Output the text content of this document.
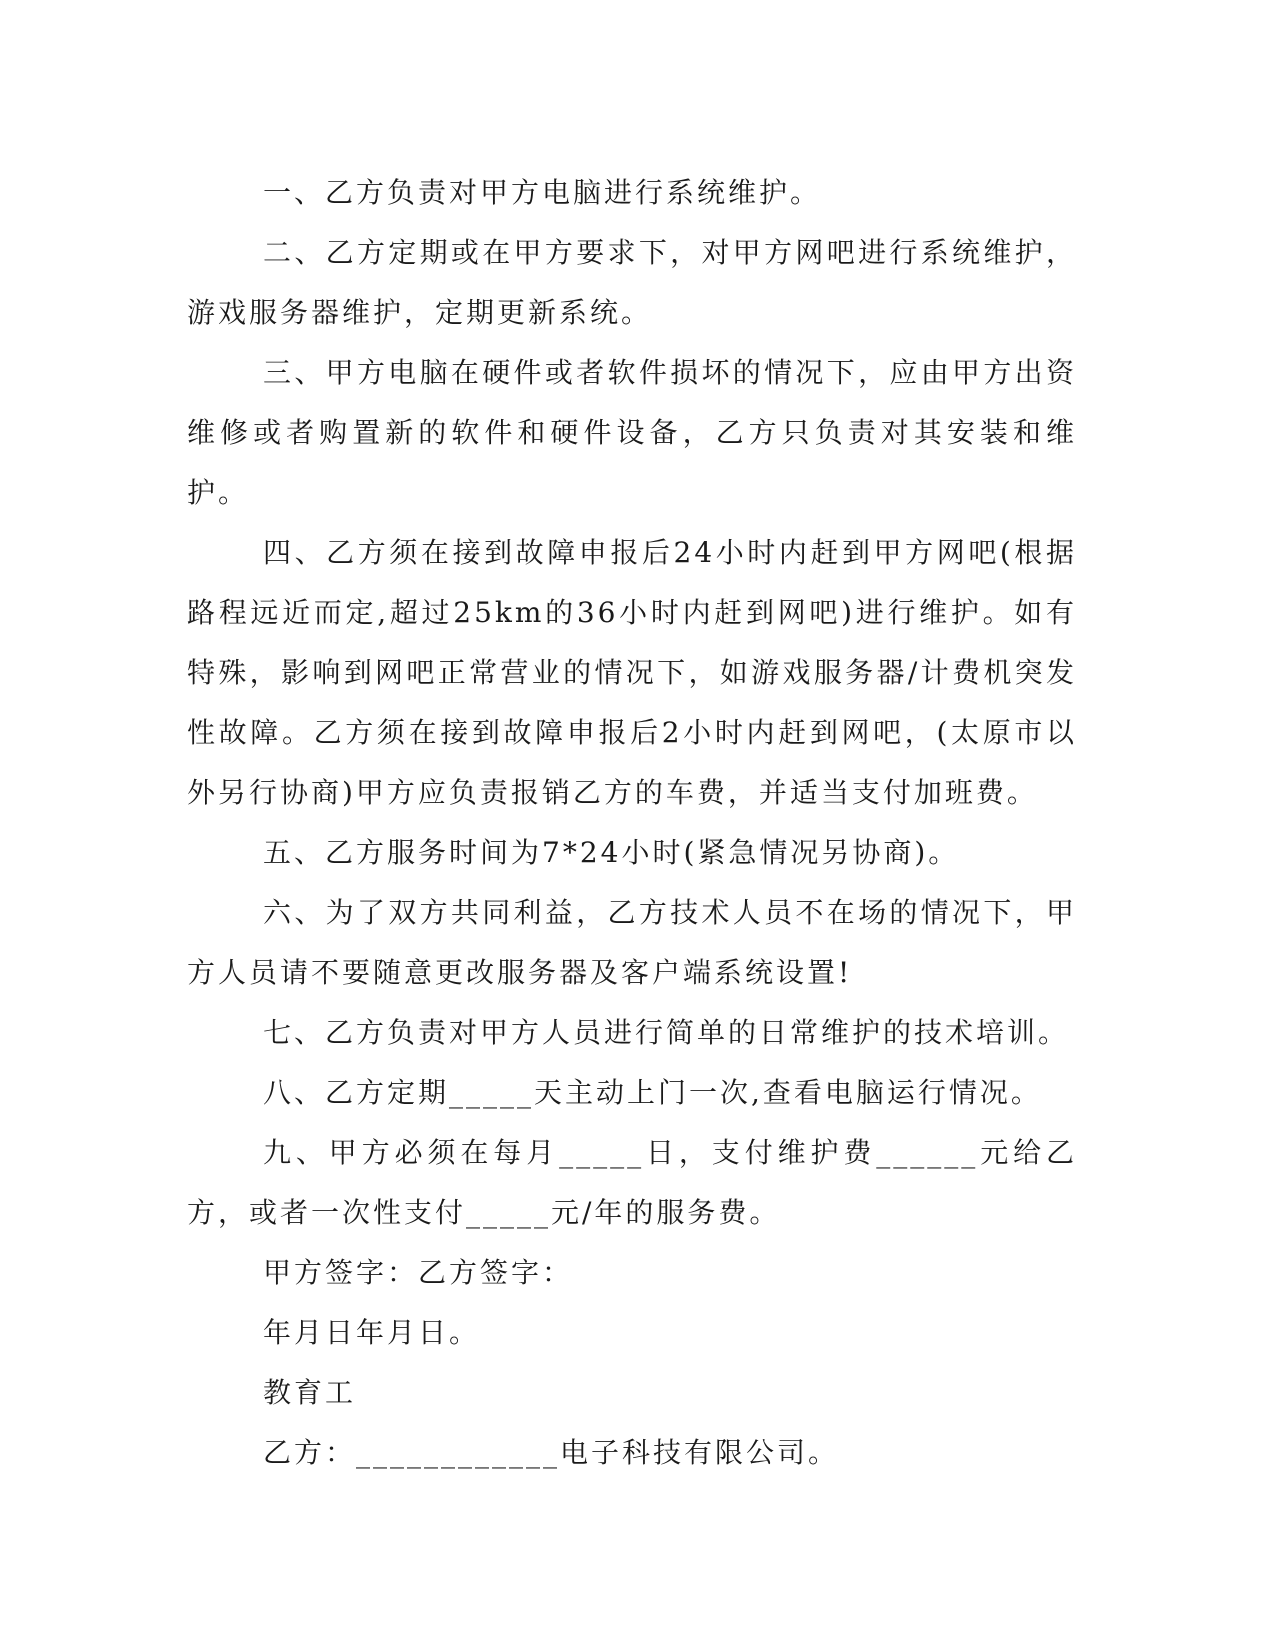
一、乙方负责对甲方电脑进行系统维护。

二、乙方定期或在甲方要求下，对甲方网吧进行系统维护，游戏服务器维护，定期更新系统。

三、甲方电脑在硬件或者软件损坏的情况下，应由甲方出资维修或者购置新的软件和硬件设备，乙方只负责对其安装和维护。

四、乙方须在接到故障申报后24小时内赶到甲方网吧(根据路程远近而定,超过25km的36小时内赶到网吧)进行维护。如有特殊，影响到网吧正常营业的情况下，如游戏服务器/计费机突发性故障。乙方须在接到故障申报后2小时内赶到网吧，(太原市以外另行协商)甲方应负责报销乙方的车费，并适当支付加班费。

五、乙方服务时间为7*24小时(紧急情况另协商)。

六、为了双方共同利益，乙方技术人员不在场的情况下，甲方人员请不要随意更改服务器及客户端系统设置!

七、乙方负责对甲方人员进行简单的日常维护的技术培训。

八、乙方定期_____天主动上门一次,查看电脑运行情况。

九、甲方必须在每月_____日，支付维护费______元给乙方，或者一次性支付_____元/年的服务费。

甲方签字：乙方签字：

年月日年月日。

教育工

乙方：____________电子科技有限公司。
